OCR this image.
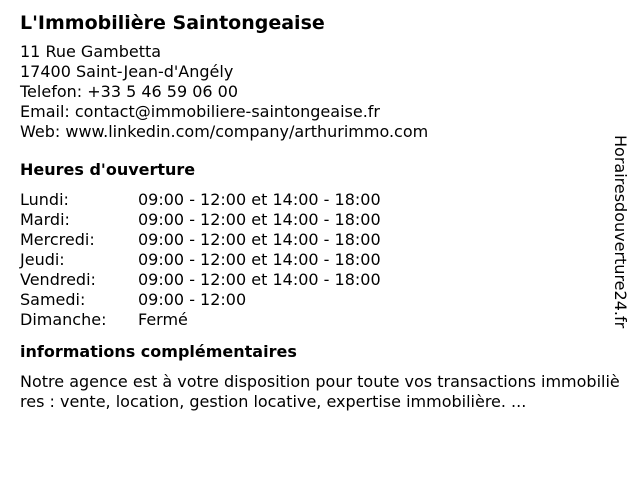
L'Immobilière Saintongeaise
11 Rue Gambetta
17400 Saint-Jean-d'Angély
Telefon: +33 5 46 59 06 00
Email: contact@immobiliere-saintongeaise.fr
Web: www.linkedin.com/company/arthurimmo.com
Heures d'ouverture
Lundi:	09:00 - 12:00 et 14:00 - 18:00
Mardi:	09:00 - 12:00 et 14:00 - 18:00
Mercredi:	09:00 - 12:00 et 14:00 - 18:00
Jeudi:	09:00 - 12:00 et 14:00 - 18:00
Vendredi:	09:00 - 12:00 et 14:00 - 18:00
Samedi:	09:00 - 12:00
Dimanche:	Fermé
informations complémentaires
Notre agence est à votre disposition pour toute vos transactions immobilières : vente, location, gestion locative, expertise immobilière. ...
Horairesdouverture24.fr
